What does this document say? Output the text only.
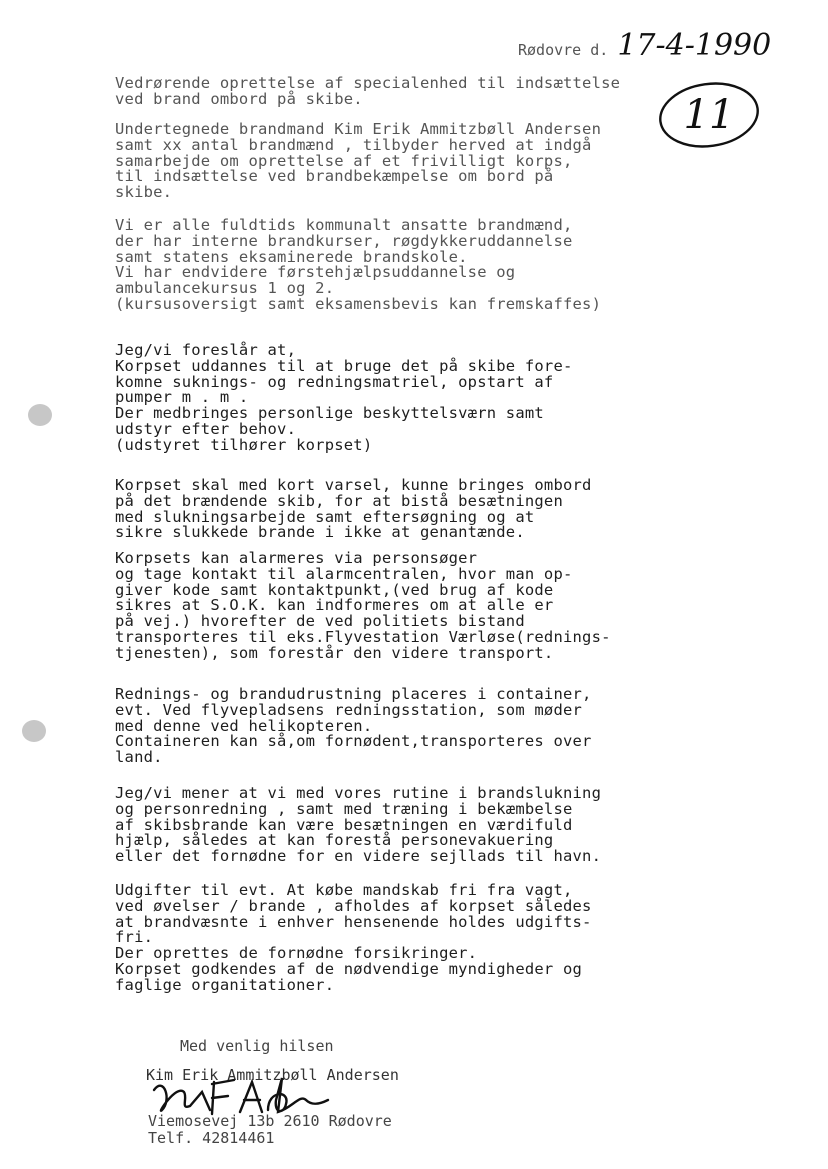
Rødovre d. 17-4-1990
11
Vedrørende oprettelse af specialenhed til indsættelse
ved brand ombord på skibe.
Undertegnede brandmand Kim Erik Ammitzbøll Andersen
samt xx antal brandmænd , tilbyder herved at indgå
samarbejde om oprettelse af et frivilligt korps,
til indsættelse ved brandbekæmpelse om bord på
skibe.
Vi er alle fuldtids kommunalt ansatte brandmænd,
der har interne brandkurser, røgdykkeruddannelse
samt statens eksaminerede brandskole.
Vi har endvidere førstehjælpsuddannelse og
ambulancekursus 1 og 2.
(kursusoversigt samt eksamensbevis kan fremskaffes)
Jeg/vi foreslår at,
Korpset uddannes til at bruge det på skibe fore-
komne suknings- og redningsmatriel, opstart af
pumper m . m .
Der medbringes personlige beskyttelsværn samt
udstyr efter behov.
(udstyret tilhører korpset)
Korpset skal med kort varsel, kunne bringes ombord
på det brændende skib, for at bistå besætningen
med slukningsarbejde samt eftersøgning og at
sikre slukkede brande i ikke at genantænde.
Korpsets kan alarmeres via personsøger
og tage kontakt til alarmcentralen, hvor man op-
giver kode samt kontaktpunkt,(ved brug af kode
sikres at S.O.K. kan indformeres om at alle er
på vej.) hvorefter de ved politiets bistand
transporteres til eks.Flyvestation Værløse(rednings-
tjenesten), som forestår den videre transport.
Rednings- og brandudrustning placeres i container,
evt. Ved flyvepladsens redningsstation, som møder
med denne ved helikopteren.
Containeren kan så,om fornødent,transporteres over
land.
Jeg/vi mener at vi med vores rutine i brandslukning
og personredning , samt med træning i bekæmbelse
af skibsbrande kan være besætningen en værdifuld
hjælp, således at kan forestå personevakuering
eller det fornødne for en videre sejllads til havn.
Udgifter til evt. At købe mandskab fri fra vagt,
ved øvelser / brande , afholdes af korpset således
at brandvæsnte i enhver hensenende holdes udgifts-
fri.
Der oprettes de fornødne forsikringer.
Korpset godkendes af de nødvendige myndigheder og
faglige organitationer.
Med venlig hilsen
Kim Erik Ammitzbøll Andersen
Viemosevej 13b 2610 Rødovre
Telf. 42814461
